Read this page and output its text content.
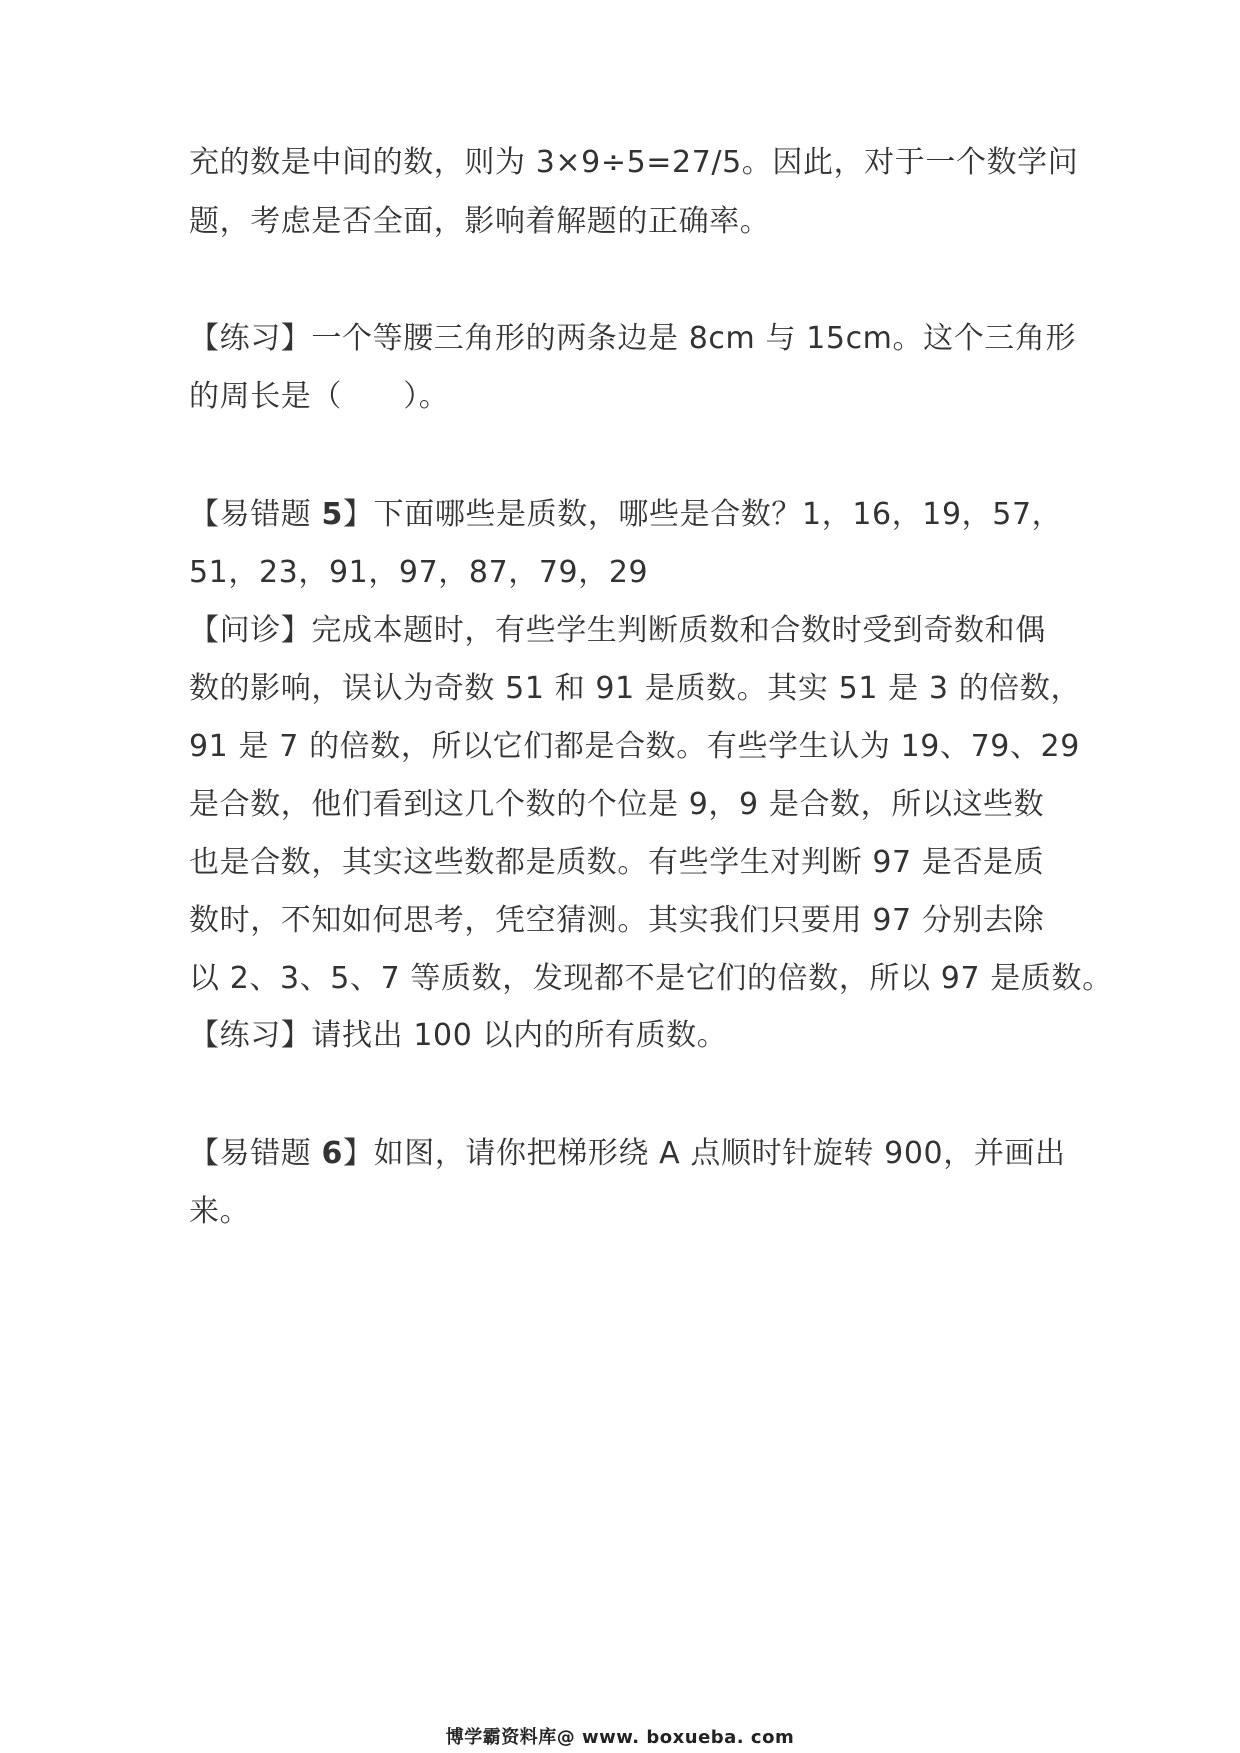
充的数是中间的数，则为 3×9÷5=27/5。因此，对于一个数学问
题，考虑是否全面，影响着解题的正确率。
【练习】一个等腰三角形的两条边是 8cm 与 15cm。这个三角形
的周长是（　　）。
【易错题 5】下面哪些是质数，哪些是合数？1，16，19，57，
51，23，91，97，87，79，29
【问诊】完成本题时，有些学生判断质数和合数时受到奇数和偶
数的影响，误认为奇数 51 和 91 是质数。其实 51 是 3 的倍数，
91 是 7 的倍数，所以它们都是合数。有些学生认为 19、79、29
是合数，他们看到这几个数的个位是 9，9 是合数，所以这些数
也是合数，其实这些数都是质数。有些学生对判断 97 是否是质
数时，不知如何思考，凭空猜测。其实我们只要用 97 分别去除
以 2、3、5、7 等质数，发现都不是它们的倍数，所以 97 是质数。
【练习】请找出 100 以内的所有质数。
【易错题 6】如图，请你把梯形绕 A 点顺时针旋转 900，并画出
来。
博学霸资料库@ www. boxueba. com
